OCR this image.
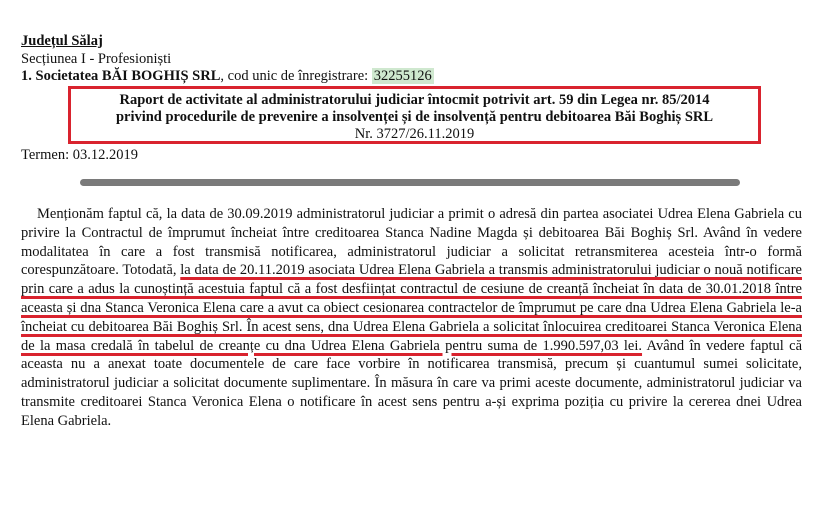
Județul Sălaj
Secțiunea I - Profesioniști
1. Societatea BĂI BOGHIȘ SRL, cod unic de înregistrare: 32255126
Raport de activitate al administratorului judiciar întocmit potrivit art. 59 din Legea nr. 85/2014
privind procedurile de prevenire a insolvenței și de insolvență pentru debitoarea Băi Boghiș SRL
Nr. 3727/26.11.2019
Termen: 03.12.2019

Menționăm faptul că, la data de 30.09.2019 administratorul judiciar a primit o adresă din partea asociatei Udrea Elena Gabriela cu privire la Contractul de împrumut încheiat între creditoarea Stanca Nadine Magda și debitoarea Băi Boghiș Srl. Având în vedere modalitatea în care a fost transmisă notificarea, administratorul judiciar a solicitat retransmiterea acesteia într-o formă corespunzătoare. Totodată, la data de 20.11.2019 asociata Udrea Elena Gabriela a transmis administratorului judiciar o nouă notificare prin care a adus la cunoștință acestuia faptul că a fost desființat contractul de cesiune de creanță încheiat în data de 30.01.2018 între aceasta și dna Stanca Veronica Elena care a avut ca obiect cesionarea contractelor de împrumut pe care dna Udrea Elena Gabriela le-a încheiat cu debitoarea Băi Boghiș Srl. În acest sens, dna Udrea Elena Gabriela a solicitat înlocuirea creditoarei Stanca Veronica Elena de la masa credală în tabelul de creanțe cu dna Udrea Elena Gabriela pentru suma de 1.990.597,03 lei. Având în vedere faptul că aceasta nu a anexat toate documentele de care face vorbire în notificarea transmisă, precum și cuantumul sumei solicitate, administratorul judiciar a solicitat documente suplimentare. În măsura în care va primi aceste documente, administratorul judiciar va transmite creditoarei Stanca Veronica Elena o notificare în acest sens pentru a-și exprima poziția cu privire la cererea dnei Udrea Elena Gabriela.
